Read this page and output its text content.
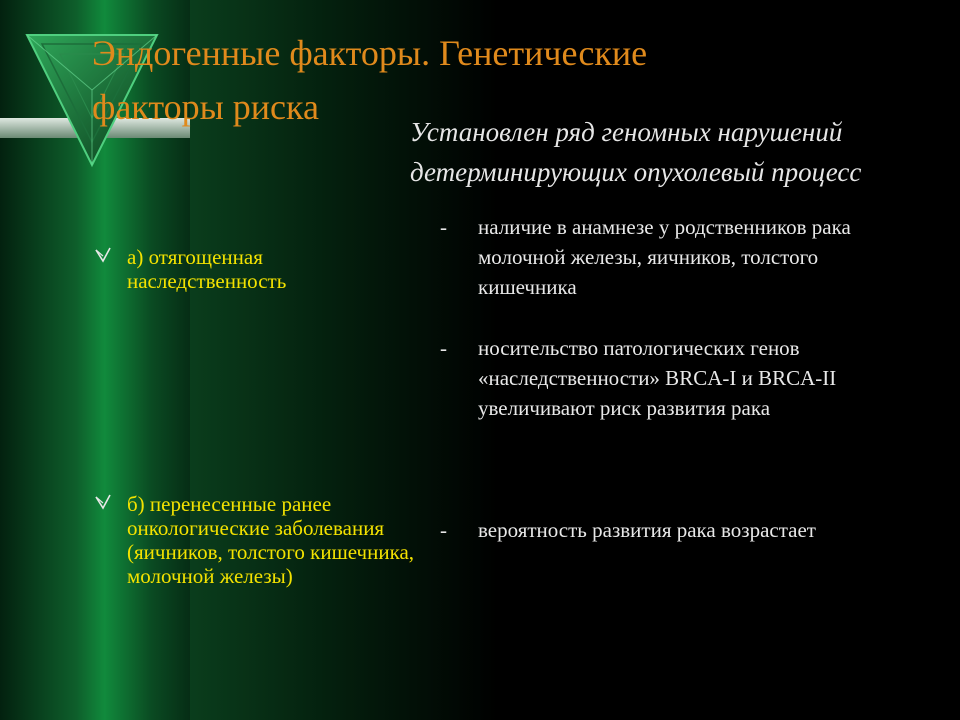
Эндогенные факторы. Генетические факторы риска
Установлен ряд геномных нарушений детерминирующих опухолевый процесс
а) отягощенная наследственность
б) перенесенные ранее онкологические заболевания (яичников, толстого кишечника, молочной железы)
- наличие в анамнезе у родственников рака молочной железы, яичников, толстого кишечника
- носительство патологических генов «наследственности» BRCA-I и BRCA-II увеличивают риск развития рака
- вероятность развития рака возрастает
